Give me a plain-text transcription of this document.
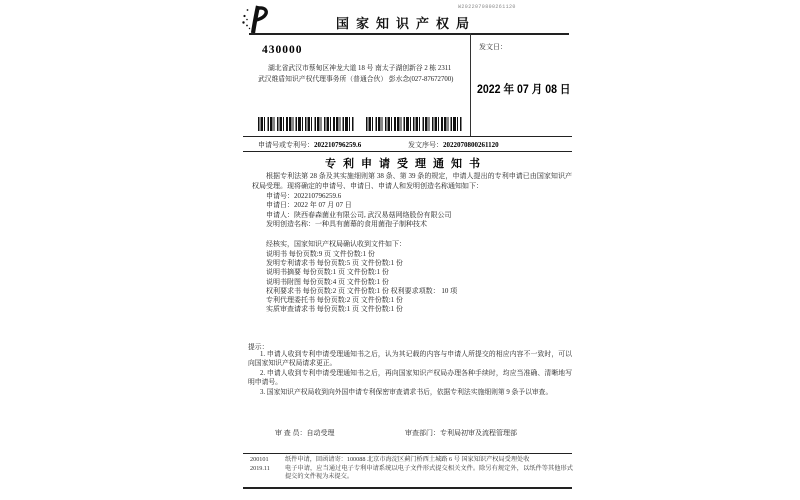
国家知识产权局
W2022070800261120
430000
湖北省武汉市蔡甸区神龙大道 18 号 南太子湖创新谷 2 栋 2311
武汉维盾知识产权代理事务所（普通合伙） 彭水念(027-87672700)
发文日：
2022 年 07 月 08 日
申请号或专利号：202210796259.6	发文序号：2022070800261120
专利申请受理通知书
根据专利法第 28 条及其实施细则第 38 条、第 39 条的规定，申请人提出的专利申请已由国家知识产权局受理。现将确定的申请号、申请日、申请人和发明创造名称通知如下：
申请号：202210796259.6
申请日：2022 年 07 月 07 日
申请人：陕西春森菌业有限公司, 武汉易菇网络股份有限公司
发明创造名称：一种具有菌幕的食用菌孢子制种技术
经核实，国家知识产权局确认收到文件如下：
说明书 每份页数:9 页 文件份数:1 份
发明专利请求书 每份页数:5 页 文件份数:1 份
说明书摘要 每份页数:1 页 文件份数:1 份
说明书附图 每份页数:4 页 文件份数:1 份
权利要求书 每份页数:2 页 文件份数:1 份 权利要求项数： 10 项
专利代理委托书 每份页数:2 页 文件份数:1 份
实质审查请求书 每份页数:1 页 文件份数:1 份
提示：
1. 申请人收到专利申请受理通知书之后，认为其记载的内容与申请人所提交的相应内容不一致时，可以向国家知识产权局请求更正。
2. 申请人收到专利申请受理通知书之后，再向国家知识产权局办理各种手续时，均应当准确、清晰地写明申请号。
3. 国家知识产权局收到向外国申请专利保密审查请求书后，依据专利法实施细则第 9 条予以审查。
审 查 员：自动受理	审查部门：专利局初审及流程管理部
200101
2019.11
纸件申请，回函请寄：100088 北京市海淀区蓟门桥西土城路 6 号 国家知识产权局受理处收
电子申请，应当通过电子专利申请系统以电子文件形式提交相关文件。除另有规定外，以纸件等其他形式提交的文件视为未提交。
